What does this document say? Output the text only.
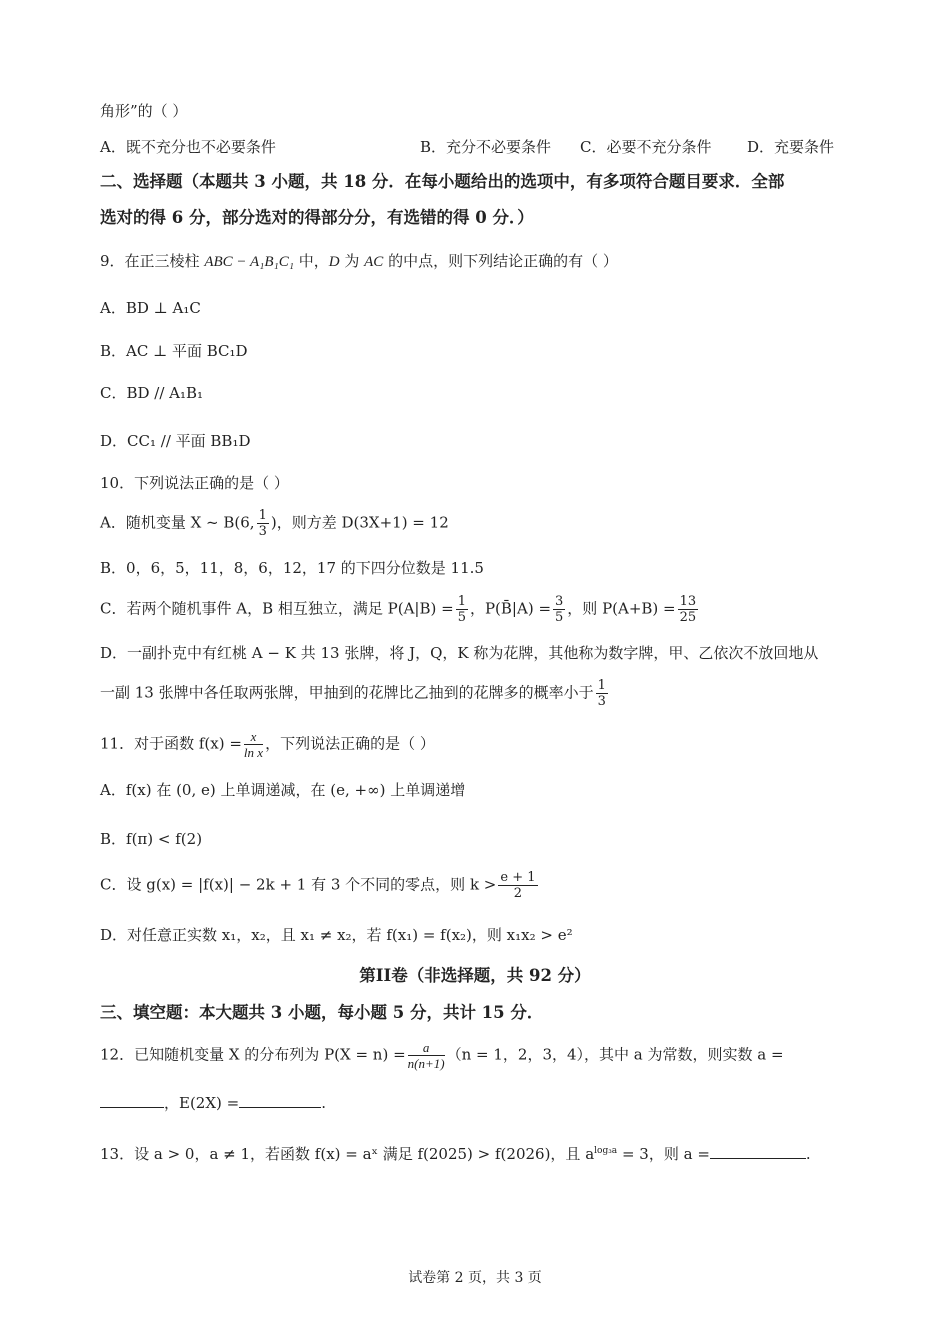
角形”的（ ）
A．既不充分也不必要条件	B．充分不必要条件 C．必要不充分条件 D．充要条件
二、选择题（本题共 3 小题，共 18 分．在每小题给出的选项中，有多项符合题目要求．全部
选对的得 6 分，部分选对的得部分分，有选错的得 0 分．）
9．在正三棱柱 ABC − A₁B₁C₁ 中，D 为 AC 的中点，则下列结论正确的有（ ）
A．BD ⊥ A₁C
B．AC ⊥ 平面 BC₁D
C．BD // A₁B₁
D．CC₁ // 平面 BB₁D
10．下列说法正确的是（ ）
A．随机变量 X ~ B(6, $\frac{1}{3}$ )，则方差 D(3X+1) = 12
B．0，6，5，11，8，6，12，17 的下四分位数是 11.5
C．若两个随机事件 A，B 相互独立，满足 $P(A|B) = \frac{1}{5}$ ，P(B̄|A) = $\frac{3}{5}$ ，则 $P(A+B) = \frac{13}{25}$
D．一副扑克中有红桃 A − K 共 13 张牌，将 J，Q，K 称为花牌，其他称为数字牌，甲、乙依次不放回地从
一副 13 张牌中各任取两张牌，甲抽到的花牌比乙抽到的花牌多的概率小于 $\frac{1}{3}$
11．对于函数 $f(x) = \frac{x}{\text{ln x}}$ ，下列说法正确的是（ ）
A．f(x) 在 (0, e) 上单调递减，在 (e, +∞) 上单调递增
B．f(π) < f(2)
C．设 g(x) = |f(x)| − 2k + 1 有 3 个不同的零点，则 $k > \frac{e + 1}{2}$
D．对任意正实数 x₁，x₂，且 x₁ ≠ x₂，若 f(x₁) = f(x₂)，则 x₁x₂ > e²
第II卷（非选择题，共 92 分）
三、填空题：本大题共 3 小题，每小题 5 分，共计 15 分．
12．已知随机变量 X 的分布列为 $P(X = n) = \frac{a}{n(n+1)} (n = 1$，2，3，4），其中 a 为常数，则实数 a =
，E(2X) =	.
13．设 a > 0，a ≠ 1，若函数 f(x) = aˣ 满足 f(2025) > f(2026)，且 $a^{log_3a} = 3$，则 a =	.
试卷第 2 页，共 3 页
